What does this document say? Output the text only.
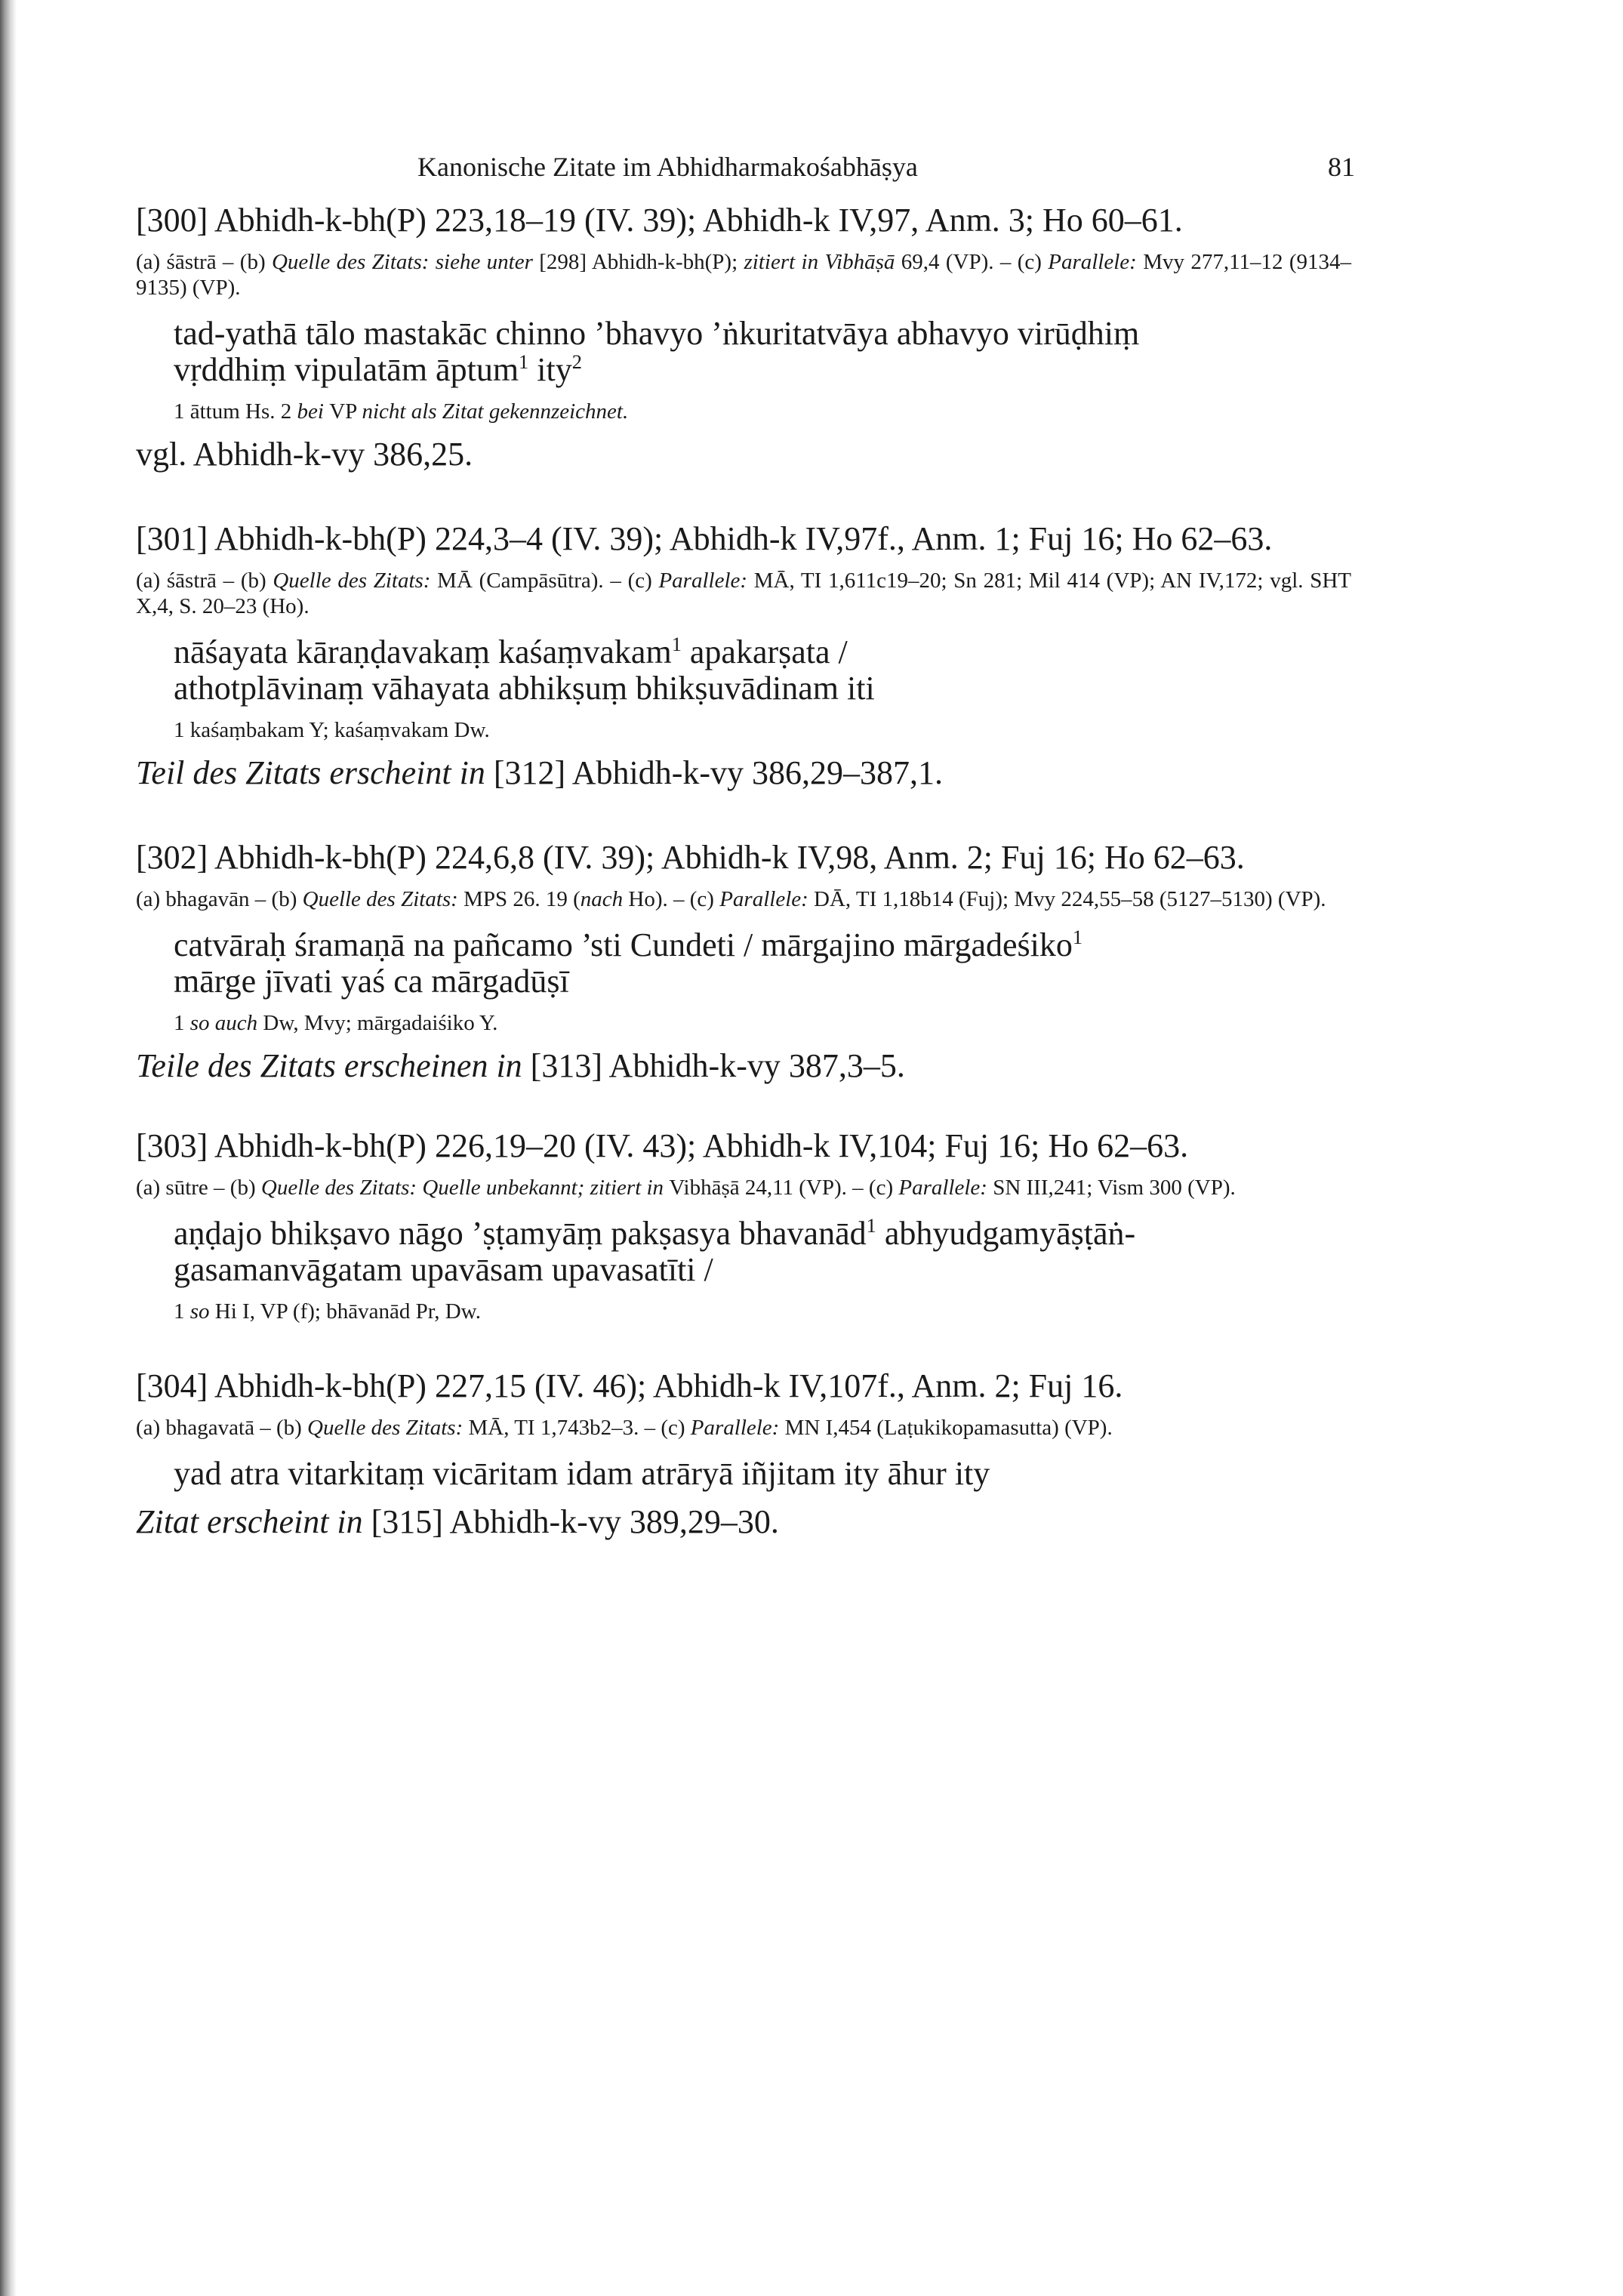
Kanonische Zitate im Abhidharmakośabhāṣya	81
[300] Abhidh-k-bh(P) 223,18–19 (IV. 39); Abhidh-k IV,97, Anm. 3; Ho 60–61.
(a) śāstrā – (b) Quelle des Zitats: siehe unter [298] Abhidh-k-bh(P); zitiert in Vibhāṣā 69,4 (VP). – (c) Parallele: Mvy 277,11–12 (9134–9135) (VP).
tad-yathā tālo mastakāc chinno ’bhavyo ’ṅkuritatvāya abhavyo virūḍhiṃ
vṛddhiṃ vipulatām āptum$^1$ ity$^2$
1 āttum Hs. 2 bei VP nicht als Zitat gekennzeichnet.
vgl. Abhidh-k-vy 386,25.
[301] Abhidh-k-bh(P) 224,3–4 (IV. 39); Abhidh-k IV,97f., Anm. 1; Fuj 16; Ho 62–63.
(a) śāstrā – (b) Quelle des Zitats: MĀ (Campāsūtra). – (c) Parallele: MĀ, TI 1,611c19–20; Sn 281; Mil 414 (VP); AN IV,172; vgl. SHT X,4, S. 20–23 (Ho).
nāśayata kāraṇḍavakaṃ kaśaṃvakam$^1$ apakarṣata /
athotplāvinaṃ vāhayata abhikṣuṃ bhikṣuvādinam iti
1 kaśaṃbakam Y; kaśaṃvakam Dw.
Teil des Zitats erscheint in [312] Abhidh-k-vy 386,29–387,1.
[302] Abhidh-k-bh(P) 224,6,8 (IV. 39); Abhidh-k IV,98, Anm. 2; Fuj 16; Ho 62–63.
(a) bhagavān – (b) Quelle des Zitats: MPS 26. 19 (nach Ho). – (c) Parallele: DĀ, TI 1,18b14 (Fuj); Mvy 224,55–58 (5127–5130) (VP).
catvāraḥ śramaṇā na pañcamo ’sti Cundeti / mārgajino mārgadeśiko$^1$
mārge jīvati yaś ca mārgadūṣī
1 so auch Dw, Mvy; mārgadaiśiko Y.
Teile des Zitats erscheinen in [313] Abhidh-k-vy 387,3–5.
[303] Abhidh-k-bh(P) 226,19–20 (IV. 43); Abhidh-k IV,104; Fuj 16; Ho 62–63.
(a) sūtre – (b) Quelle des Zitats: Quelle unbekannt; zitiert in Vibhāṣā 24,11 (VP). – (c) Parallele: SN III,241; Vism 300 (VP).
aṇḍajo bhikṣavo nāgo ’ṣṭamyāṃ pakṣasya bhavanād$^1$ abhyudgamyāṣṭāṅ-
gasamanvāgatam upavāsam upavasatīti /
1 so Hi I, VP (f); bhāvanād Pr, Dw.
[304] Abhidh-k-bh(P) 227,15 (IV. 46); Abhidh-k IV,107f., Anm. 2; Fuj 16.
(a) bhagavatā – (b) Quelle des Zitats: MĀ, TI 1,743b2–3. – (c) Parallele: MN I,454 (Laṭukikopamasutta) (VP).
yad atra vitarkitaṃ vicāritam idam atrāryā iñjitam ity āhur ity
Zitat erscheint in [315] Abhidh-k-vy 389,29–30.
